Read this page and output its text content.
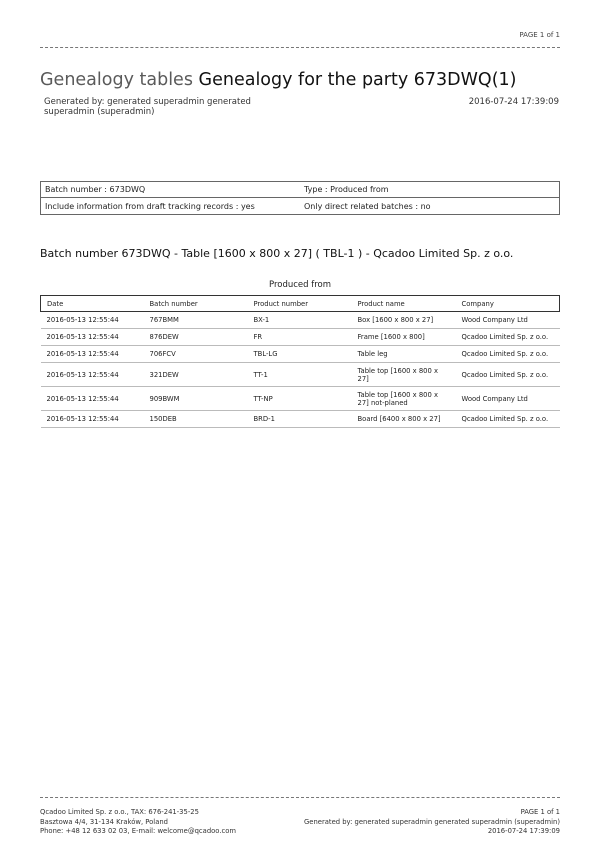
PAGE 1 of 1
Genealogy tables Genealogy for the party 673DWQ(1)
Generated by: generated superadmin generated superadmin (superadmin)
2016-07-24 17:39:09
Batch number : 673DWQ	Type : Produced from
Include information from draft tracking records : yes	Only direct related batches : no
Batch number 673DWQ - Table [1600 x 800 x 27] ( TBL-1 ) - Qcadoo Limited Sp. z o.o.
Produced from
Date	Batch number	Product number	Product name	Company
2016-05-13 12:55:44	767BMM	BX-1	Box [1600 x 800 x 27]	Wood Company Ltd
2016-05-13 12:55:44	876DEW	FR	Frame [1600 x 800]	Qcadoo Limited Sp. z o.o.
2016-05-13 12:55:44	706FCV	TBL-LG	Table leg	Qcadoo Limited Sp. z o.o.
2016-05-13 12:55:44	321DEW	TT-1	Table top [1600 x 800 x 27]	Qcadoo Limited Sp. z o.o.
2016-05-13 12:55:44	909BWM	TT-NP	Table top [1600 x 800 x 27] not-planed	Wood Company Ltd
2016-05-13 12:55:44	150DEB	BRD-1	Board [6400 x 800 x 27]	Qcadoo Limited Sp. z o.o.
Qcadoo Limited Sp. z o.o., TAX: 676-241-35-25
Basztowa 4/4, 31-134 Kraków, Poland
Phone: +48 12 633 02 03, E-mail: welcome@qcadoo.com
PAGE 1 of 1
Generated by: generated superadmin generated superadmin (superadmin)
2016-07-24 17:39:09
